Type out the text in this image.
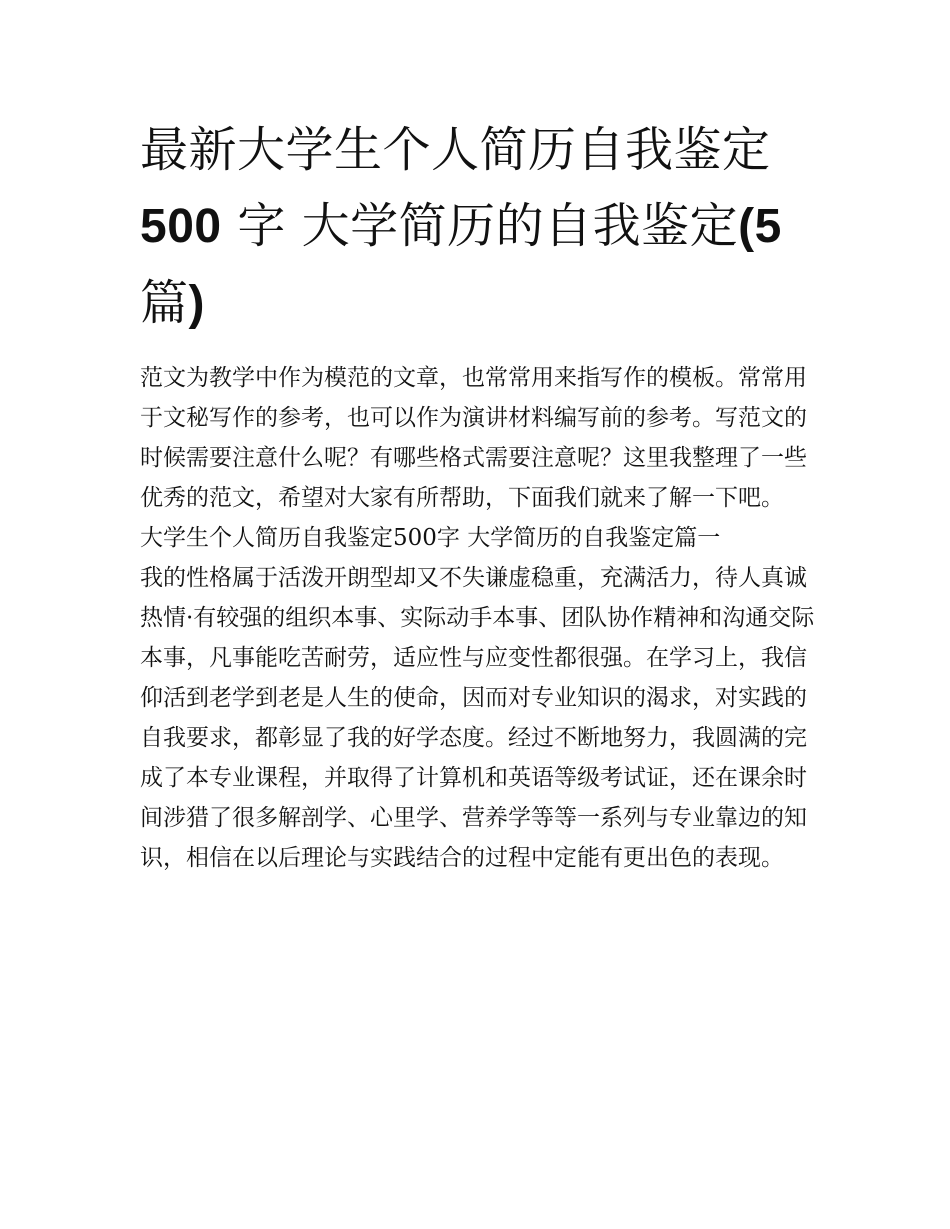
最新大学生个人简历自我鉴定
500 字 大学简历的自我鉴定(5
篇)

范文为教学中作为模范的文章，也常常用来指写作的模板。常常用于文秘写作的参考，也可以作为演讲材料编写前的参考。写范文的时候需要注意什么呢？有哪些格式需要注意呢？这里我整理了一些优秀的范文，希望对大家有所帮助，下面我们就来了解一下吧。

大学生个人简历自我鉴定500字 大学简历的自我鉴定篇一

我的性格属于活泼开朗型却又不失谦虚稳重，充满活力，待人真诚热情·有较强的组织本事、实际动手本事、团队协作精神和沟通交际本事，凡事能吃苦耐劳，适应性与应变性都很强。在学习上，我信仰活到老学到老是人生的使命，因而对专业知识的渴求，对实践的自我要求，都彰显了我的好学态度。经过不断地努力，我圆满的完成了本专业课程，并取得了计算机和英语等级考试证，还在课余时间涉猎了很多解剖学、心里学、营养学等等一系列与专业靠边的知识，相信在以后理论与实践结合的过程中定能有更出色的表现。
